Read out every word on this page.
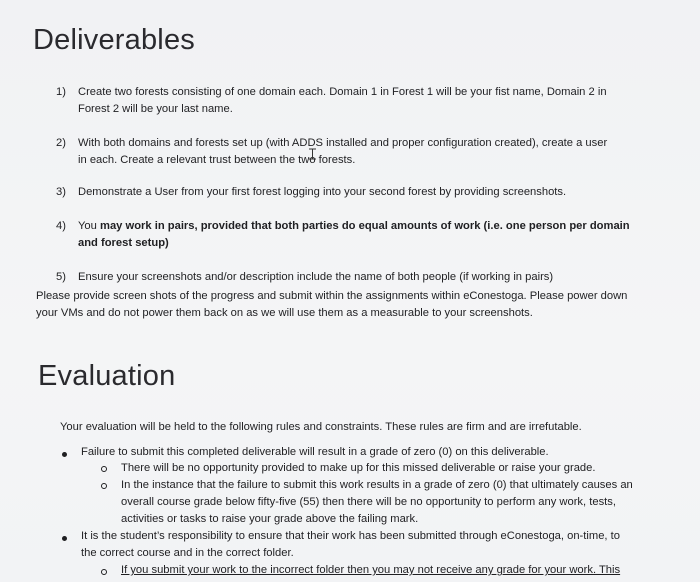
Deliverables
1) Create two forests consisting of one domain each. Domain 1 in Forest 1 will be your fist name, Domain 2 in
Forest 2 will be your last name.
2) With both domains and forests set up (with ADDS installed and proper configuration created), create a user
in each. Create a relevant trust between the two forests.
3) Demonstrate a User from your first forest logging into your second forest by providing screenshots.
4) You may work in pairs, provided that both parties do equal amounts of work (i.e. one person per domain
and forest setup)
5) Ensure your screenshots and/or description include the name of both people (if working in pairs)
Please provide screen shots of the progress and submit within the assignments within eConestoga. Please power down
your VMs and do not power them back on as we will use them as a measurable to your screenshots.
Evaluation
Your evaluation will be held to the following rules and constraints. These rules are firm and are irrefutable.
Failure to submit this completed deliverable will result in a grade of zero (0) on this deliverable.
There will be no opportunity provided to make up for this missed deliverable or raise your grade.
In the instance that the failure to submit this work results in a grade of zero (0) that ultimately causes an
overall course grade below fifty-five (55) then there will be no opportunity to perform any work, tests,
activities or tasks to raise your grade above the failing mark.
It is the student’s responsibility to ensure that their work has been submitted through eConestoga, on-time, to
the correct course and in the correct folder.
If you submit your work to the incorrect folder then you may not receive any grade for your work. This
